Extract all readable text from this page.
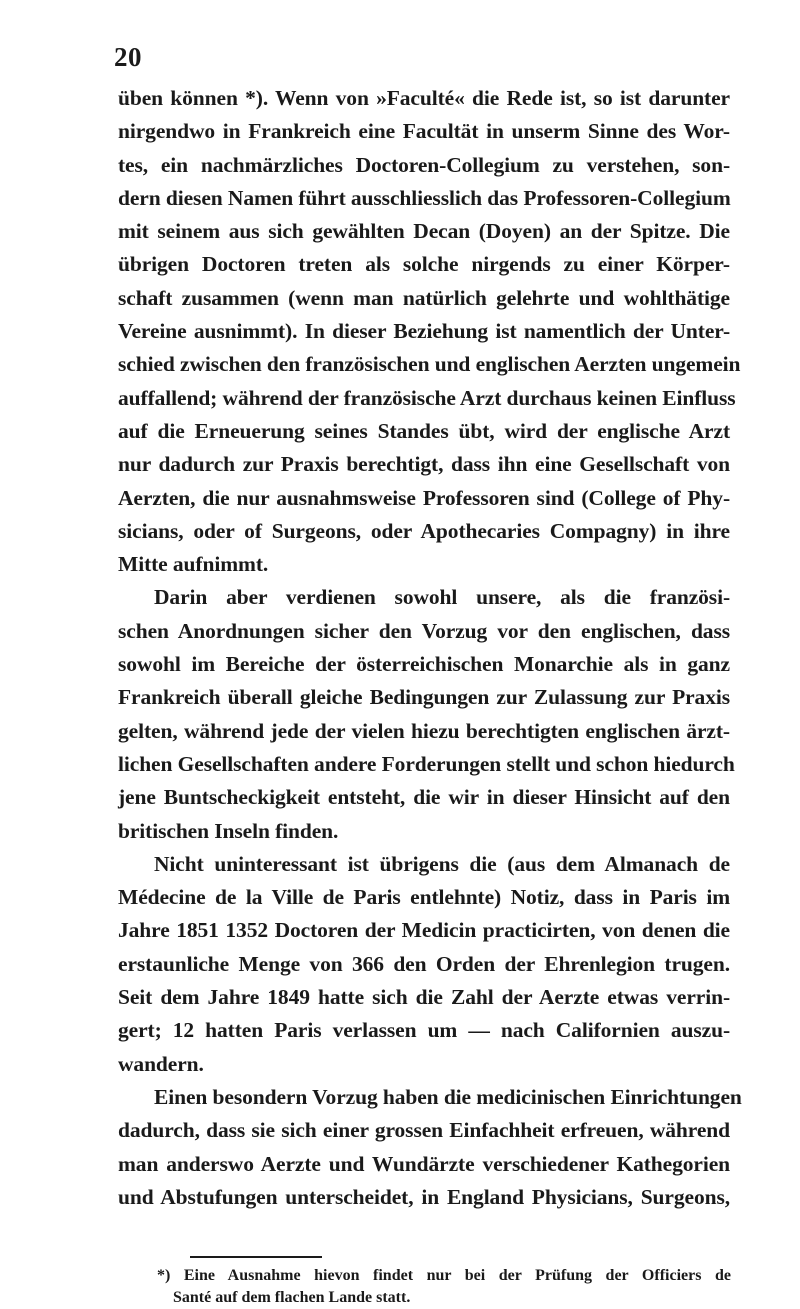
20
üben können *). Wenn von »Faculté« die Rede ist, so ist darunter
nirgendwo in Frankreich eine Facultät in unserm Sinne des Wor-
tes, ein nachmärzliches Doctoren-Collegium zu verstehen, son-
dern diesen Namen führt ausschliesslich das Professoren-Collegium
mit seinem aus sich gewählten Decan (Doyen) an der Spitze. Die
übrigen Doctoren treten als solche nirgends zu einer Körper-
schaft zusammen (wenn man natürlich gelehrte und wohlthätige
Vereine ausnimmt). In dieser Beziehung ist namentlich der Unter-
schied zwischen den französischen und englischen Aerzten ungemein
auffallend; während der französische Arzt durchaus keinen Einfluss
auf die Erneuerung seines Standes übt, wird der englische Arzt
nur dadurch zur Praxis berechtigt, dass ihn eine Gesellschaft von
Aerzten, die nur ausnahmsweise Professoren sind (College of Phy-
sicians, oder of Surgeons, oder Apothecaries Compagny) in ihre
Mitte aufnimmt.
Darin aber verdienen sowohl unsere, als die französi-
schen Anordnungen sicher den Vorzug vor den englischen, dass
sowohl im Bereiche der österreichischen Monarchie als in ganz
Frankreich überall gleiche Bedingungen zur Zulassung zur Praxis
gelten, während jede der vielen hiezu berechtigten englischen ärzt-
lichen Gesellschaften andere Forderungen stellt und schon hiedurch
jene Buntscheckigkeit entsteht, die wir in dieser Hinsicht auf den
britischen Inseln finden.
Nicht uninteressant ist übrigens die (aus dem Almanach de
Médecine de la Ville de Paris entlehnte) Notiz, dass in Paris im
Jahre 1851 1352 Doctoren der Medicin practicirten, von denen die
erstaunliche Menge von 366 den Orden der Ehrenlegion trugen.
Seit dem Jahre 1849 hatte sich die Zahl der Aerzte etwas verrin-
gert; 12 hatten Paris verlassen um — nach Californien auszu-
wandern.
Einen besondern Vorzug haben die medicinischen Einrichtungen
dadurch, dass sie sich einer grossen Einfachheit erfreuen, während
man anderswo Aerzte und Wundärzte verschiedener Kathegorien
und Abstufungen unterscheidet, in England Physicians, Surgeons,
*) Eine Ausnahme hievon findet nur bei der Prüfung der Officiers de
Santé auf dem flachen Lande statt.
